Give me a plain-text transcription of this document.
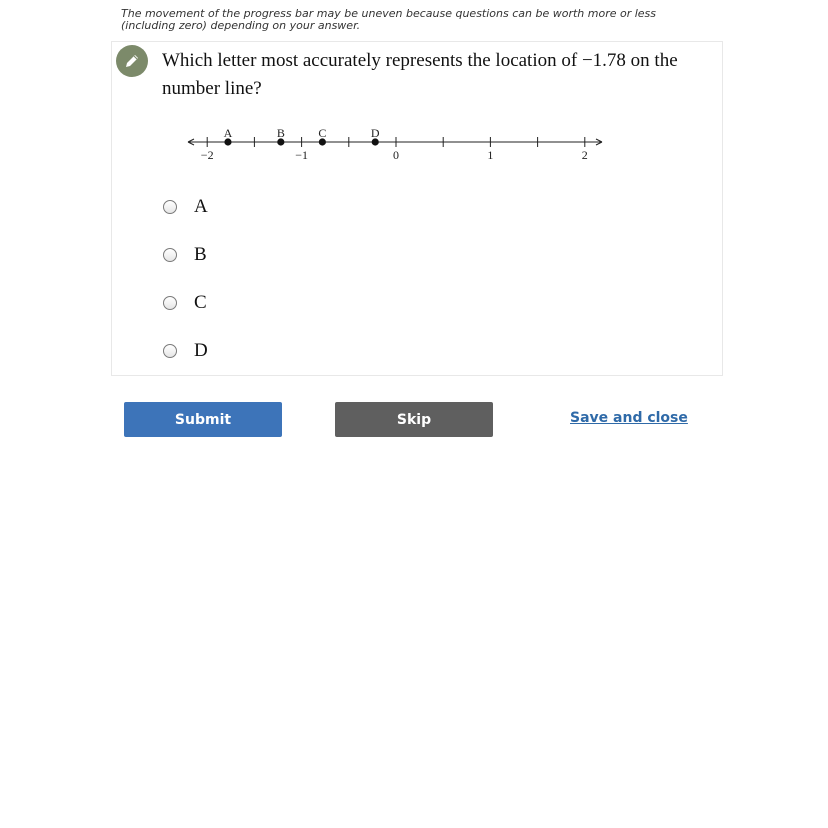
The movement of the progress bar may be uneven because questions can be worth more or less (including zero) depending on your answer.
Which letter most accurately represents the location of −1.78 on the number line?
−2	−1	0	1	2
A	B	C	D
A
B
C
D
Submit	Skip	Save and close
